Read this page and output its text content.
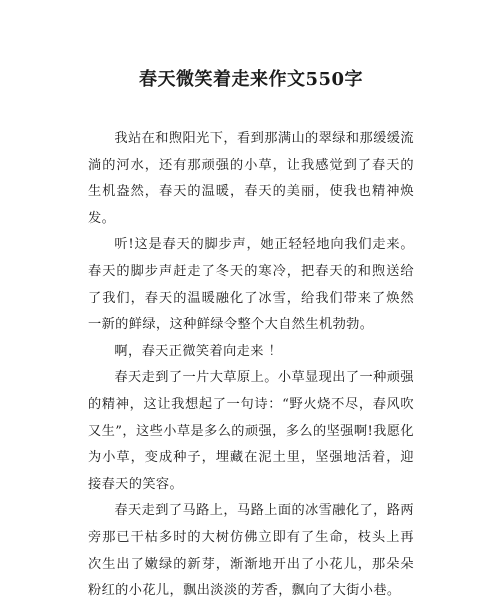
春天微笑着走来作文550字

我站在和煦阳光下，看到那满山的翠绿和那缓缓流淌的河水，还有那顽强的小草，让我感觉到了春天的生机盎然，春天的温暖，春天的美丽，使我也精神焕发。

听!这是春天的脚步声，她正轻轻地向我们走来。春天的脚步声赶走了冬天的寒冷，把春天的和煦送给了我们，春天的温暖融化了冰雪，给我们带来了焕然一新的鲜绿，这种鲜绿令整个大自然生机勃勃。

啊，春天正微笑着向走来 ！

春天走到了一片大草原上。小草显现出了一种顽强的精神，这让我想起了一句诗：“野火烧不尽，春风吹又生”，这些小草是多么的顽强，多么的坚强啊!我愿化为小草，变成种子，埋藏在泥土里，坚强地活着，迎接春天的笑容。

春天走到了马路上，马路上面的冰雪融化了，路两旁那已干枯多时的大树仿佛立即有了生命，枝头上再次生出了嫩绿的新芽，渐渐地开出了小花儿，那朵朵粉红的小花儿，飘出淡淡的芳香，飘向了大街小巷。
